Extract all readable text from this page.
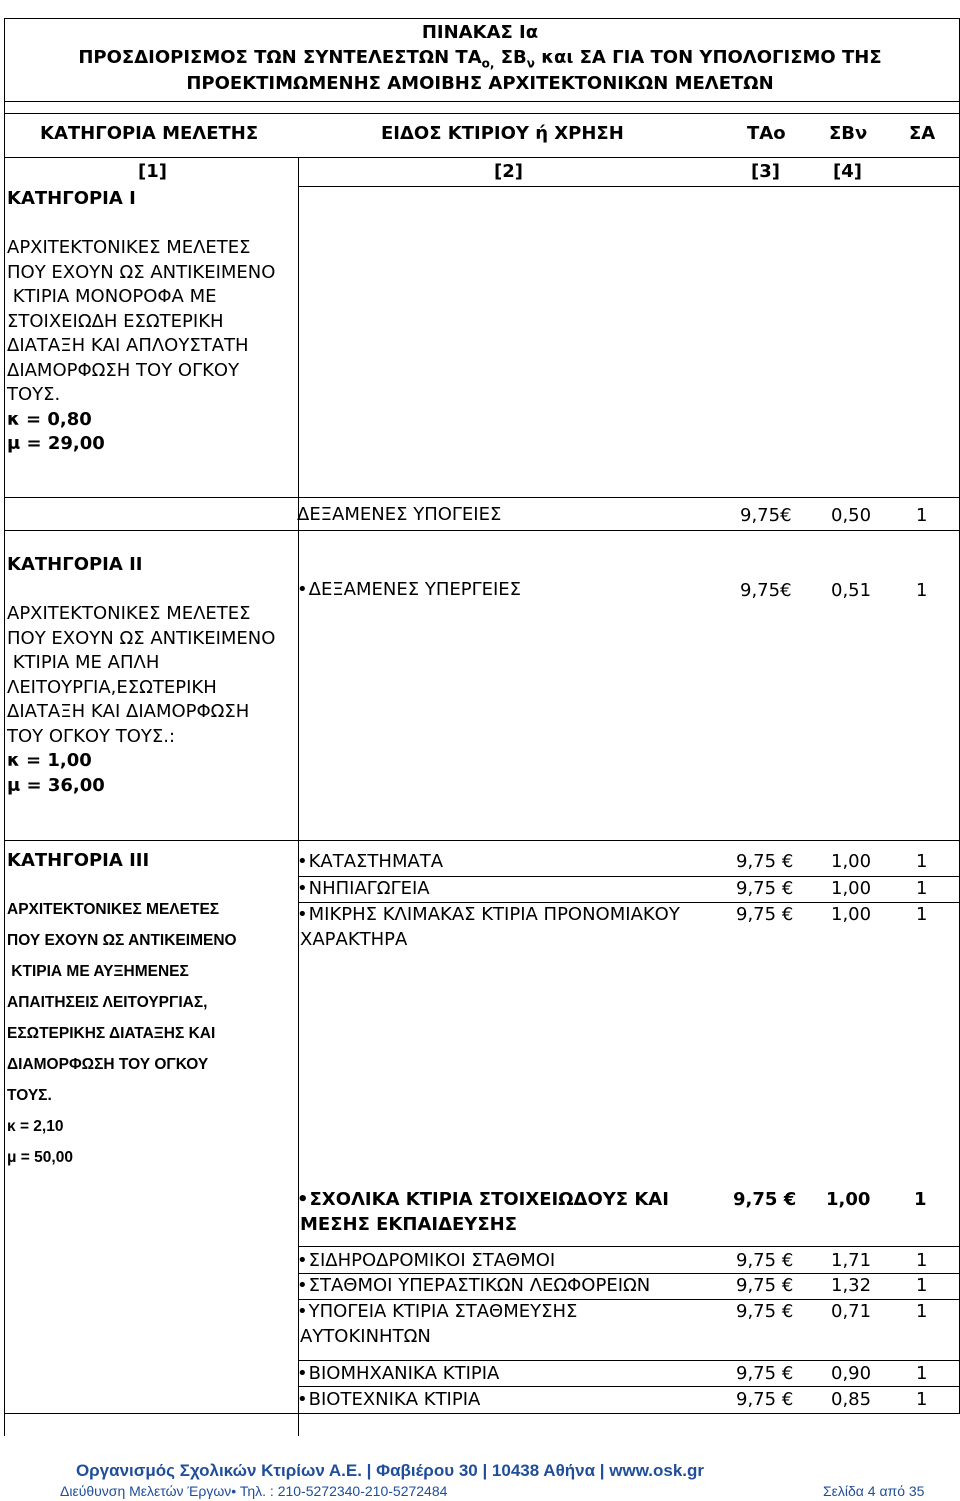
ΠΙΝΑΚΑΣ Ια
ΠΡΟΣΔΙΟΡΙΣΜΟΣ ΤΩΝ ΣΥΝΤΕΛΕΣΤΩΝ $TA_{o,}$ $\Sigma B_\nu$ και ΣΑ ΓΙΑ ΤΟΝ ΥΠΟΛΟΓΙΣΜΟ ΤΗΣ
ΠΡΟΕΚΤΙΜΩΜΕΝΗΣ ΑΜΟΙΒΗΣ ΑΡΧΙΤΕΚΤΟΝΙΚΩΝ ΜΕΛΕΤΩΝ
ΚΑΤΗΓΟΡΙΑ ΜΕΛΕΤΗΣ	ΕΙΔΟΣ ΚΤΙΡΙΟΥ ή ΧΡΗΣΗ	ΤΑο ΣΒν ΣΑ
[1]	[2]	[3]	[4]
ΚΑΤΗΓΟΡΙΑ Ι
ΑΡΧΙΤΕΚΤΟΝΙΚΕΣ ΜΕΛΕΤΕΣ
ΠΟΥ ΕΧΟΥΝ ΩΣ ΑΝΤΙΚΕΙΜΕΝΟ
ΚΤΙΡΙΑ ΜΟΝΟΡΟΦΑ ΜΕ
ΣΤΟΙΧΕΙΩΔΗ ΕΣΩΤΕΡΙΚΗ
ΔΙΑΤΑΞΗ ΚΑΙ ΑΠΛΟΥΣΤΑΤΗ
ΔΙΑΜΟΡΦΩΣΗ ΤΟΥ ΟΓΚΟΥ
ΤΟΥΣ.
κ = 0,80
μ = 29,00
ΚΑΤΗΓΟΡΙΑ ΙΙ
ΑΡΧΙΤΕΚΤΟΝΙΚΕΣ ΜΕΛΕΤΕΣ
ΠΟΥ ΕΧΟΥΝ ΩΣ ΑΝΤΙΚΕΙΜΕΝΟ
ΚΤΙΡΙΑ ΜΕ ΑΠΛΗ
ΛΕΙΤΟΥΡΓΙΑ,ΕΣΩΤΕΡΙΚΗ
ΔΙΑΤΑΞΗ ΚΑΙ ΔΙΑΜΟΡΦΩΣΗ
ΤΟΥ ΟΓΚΟΥ ΤΟΥΣ.:
κ = 1,00
μ = 36,00
ΔΕΞΑΜΕΝΕΣ ΥΠΟΓΕΙΕΣ	9,75€ 0,50 1
• ΔΕΞΑΜΕΝΕΣ ΥΠΕΡΓΕΙΕΣ	9,75€ 0,51 1
ΚΑΤΗΓΟΡΙΑ ΙΙΙ
ΑΡΧΙΤΕΚΤΟΝΙΚΕΣ ΜΕΛΕΤΕΣ
ΠΟΥ ΕΧΟΥΝ ΩΣ ΑΝΤΙΚΕΙΜΕΝΟ
ΚΤΙΡΙΑ ΜΕ ΑΥΞΗΜΕΝΕΣ
ΑΠΑΙΤΗΣΕΙΣ ΛΕΙΤΟΥΡΓΙΑΣ,
ΕΣΩΤΕΡΙΚΗΣ ΔΙΑΤΑΞΗΣ ΚΑΙ
ΔΙΑΜΟΡΦΩΣΗ ΤΟΥ ΟΓΚΟΥ
ΤΟΥΣ.
κ = 2,10
μ = 50,00
• ΚΑΤΑΣΤΗΜΑΤΑ	9,75 € 1,00 1
• ΝΗΠΙΑΓΩΓΕΙΑ	9,75 € 1,00 1
• ΜΙΚΡΗΣ ΚΛΙΜΑΚΑΣ ΚΤΙΡΙΑ ΠΡΟΝΟΜΙΑΚΟΥ
ΧΑΡΑΚΤΗΡΑ
9,75 € 1,00 1
• ΣΧΟΛΙΚΑ ΚΤΙΡΙΑ ΣΤΟΙΧΕΙΩΔΟΥΣ ΚΑΙ
ΜΕΣΗΣ ΕΚΠΑΙΔΕΥΣΗΣ
9,75 € 1,00 1
• ΣΙΔΗΡΟΔΡΟΜΙΚΟΙ ΣΤΑΘΜΟΙ	9,75 € 1,71 1
• ΣΤΑΘΜΟΙ ΥΠΕΡΑΣΤΙΚΩΝ ΛΕΩΦΟΡΕΙΩΝ	9,75 € 1,32 1
• ΥΠΟΓΕΙΑ ΚΤΙΡΙΑ ΣΤΑΘΜΕΥΣΗΣ
ΑΥΤΟΚΙΝΗΤΩΝ
9,75 € 0,71 1
• ΒΙΟΜΗΧΑΝΙΚΑ ΚΤΙΡΙΑ	9,75 € 0,90 1
• ΒΙΟΤΕΧΝΙΚΑ ΚΤΙΡΙΑ	9,75 € 0,85 1
Οργανισμός Σχολικών Κτιρίων Α.Ε. | Φαβιέρου 30 | 10438 Αθήνα | www.osk.gr
Διεύθυνση Μελετών Έργων• Τηλ. : 210-5272340-210-5272484	Σελίδα 4 από 35
